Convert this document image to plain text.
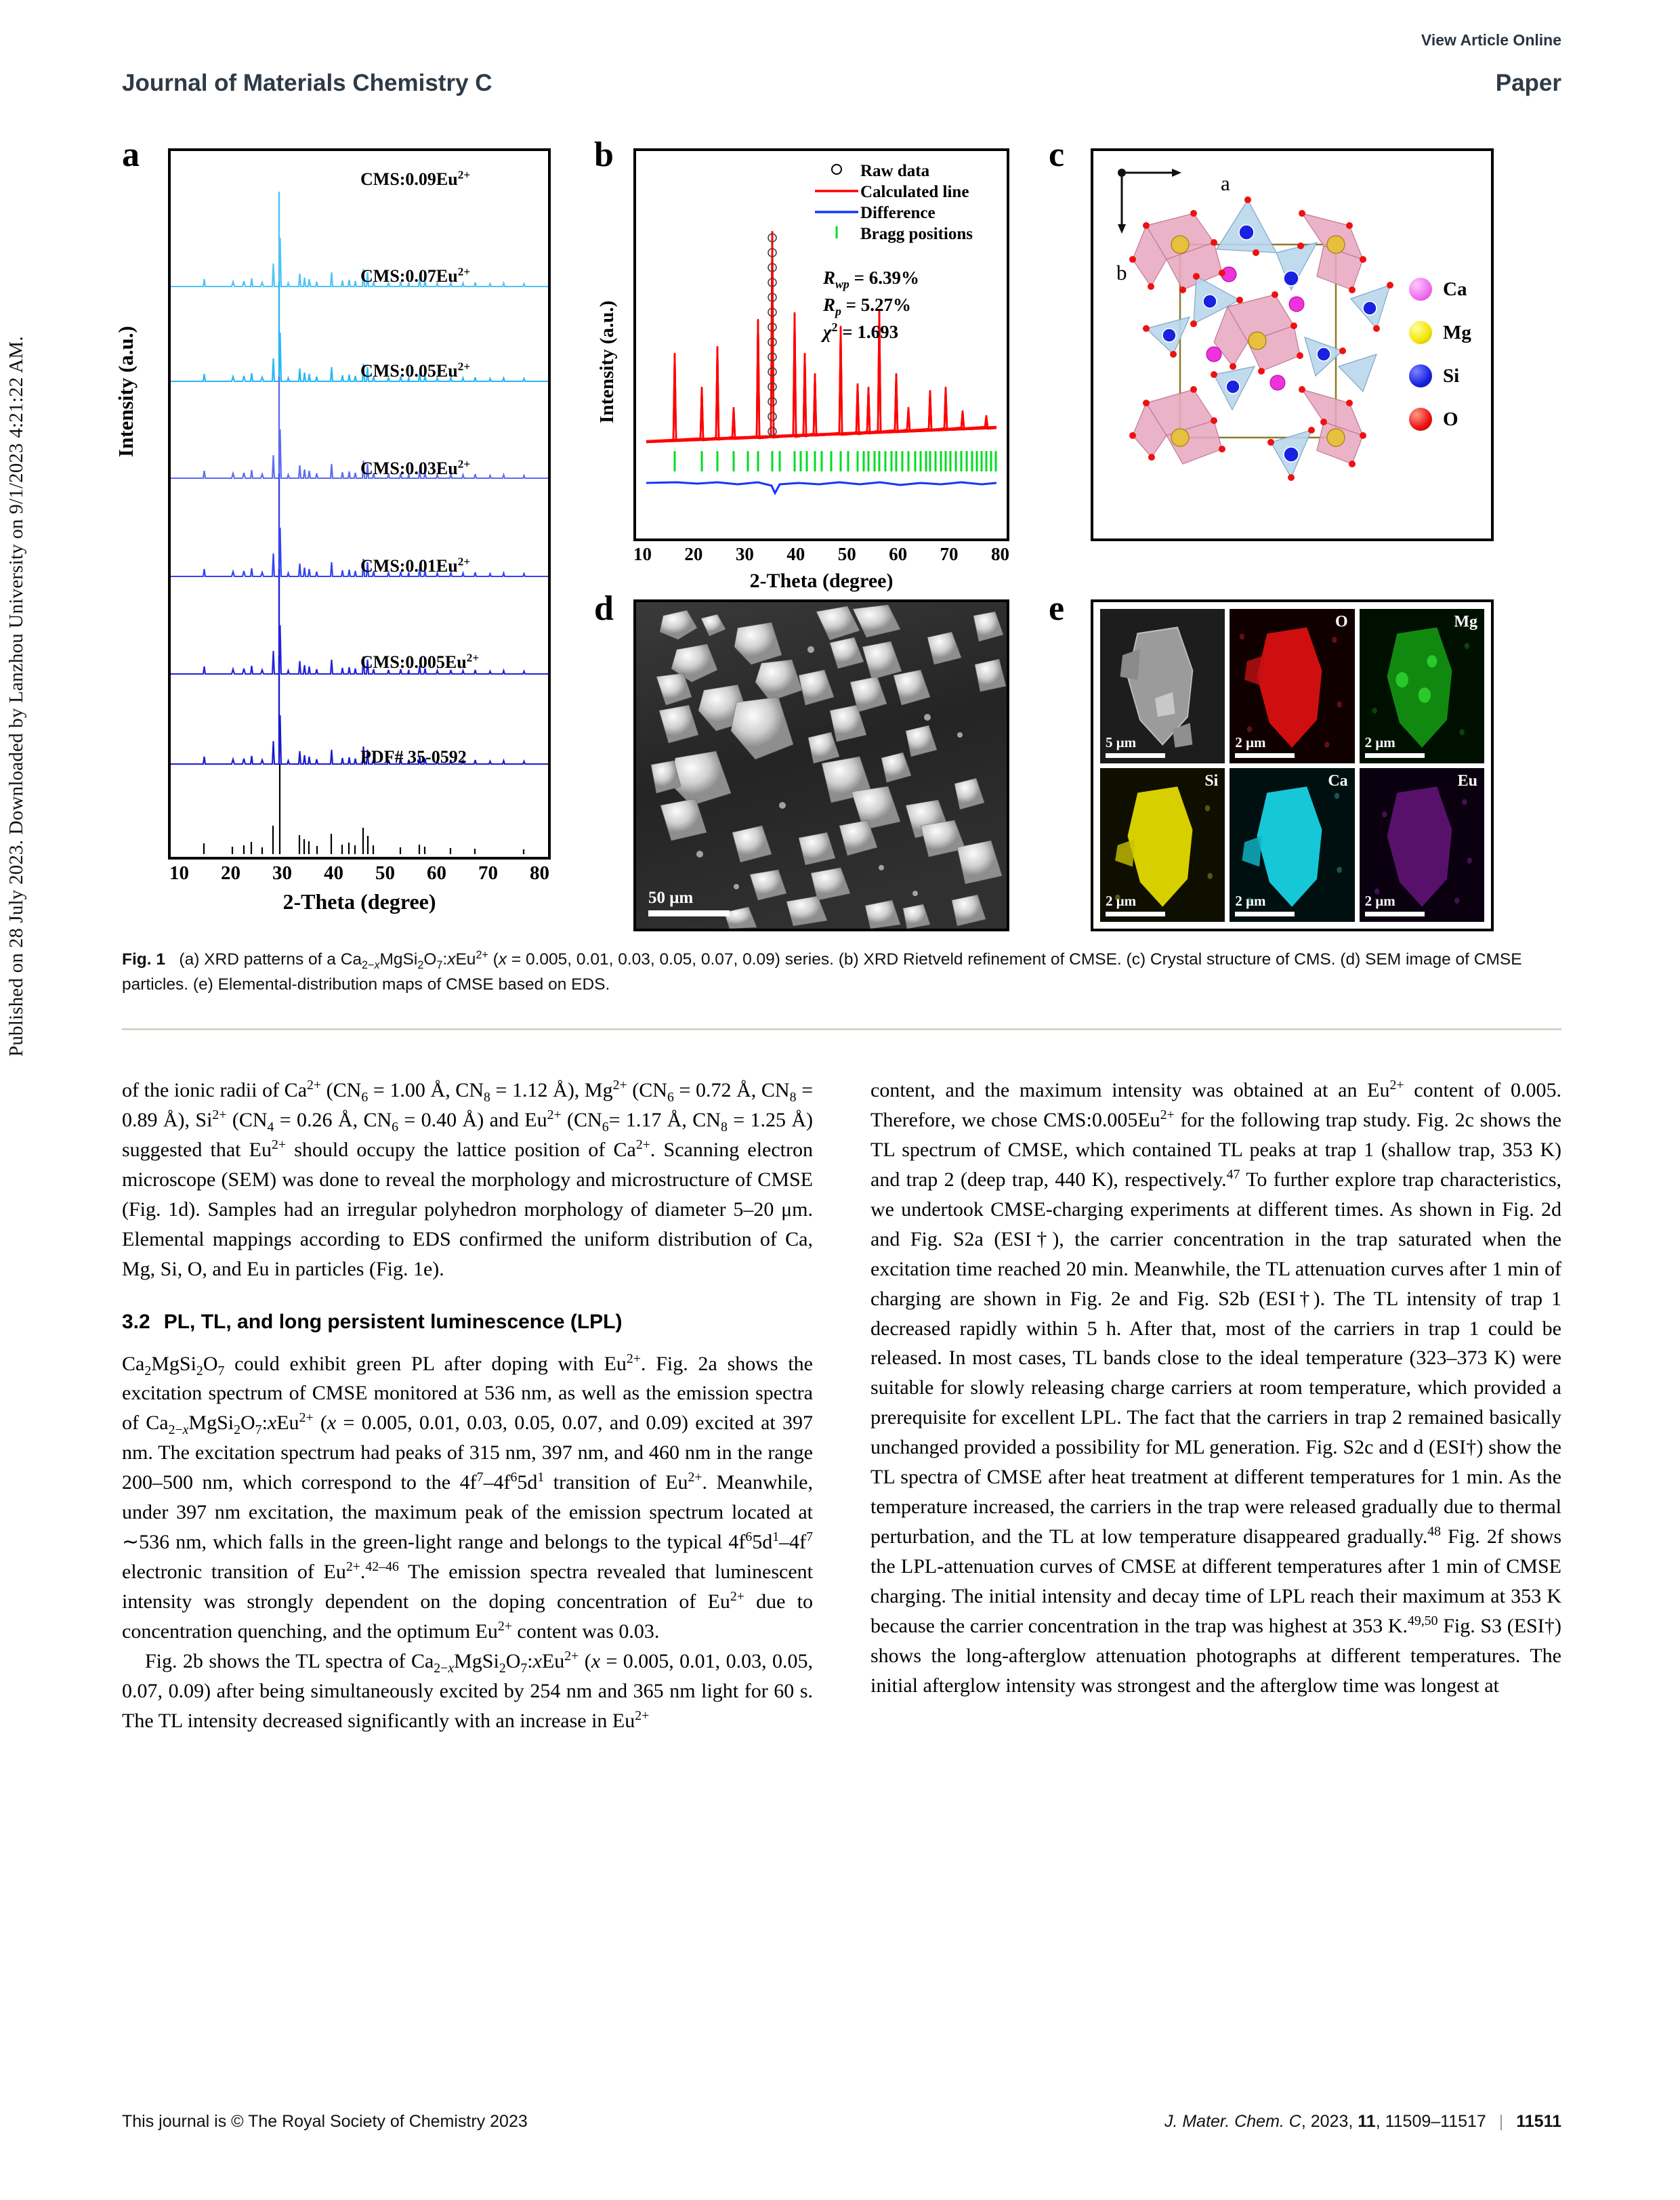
Published on 28 July 2023. Downloaded by Lanzhou University on 9/1/2023 4:21:22 AM.
View Article Online
Journal of Materials Chemistry C	Paper
a
Intensity (a.u.)
$CMS:0.09Eu^{2+}$
$CMS:0.07Eu^{2+}$
$CMS:0.05Eu^{2+}$
$CMS:0.03Eu^{2+}$
$CMS:0.01Eu^{2+}$
$CMS:0.005Eu^{2+}$
PDF# 35-0592
10 20 30 40 50 60 70 80
2-Theta (degree)
b
Intensity (a.u.)
Raw data
Calculated line
Difference
Bragg positions
$R_{wp} = 6.39\%$
$R_p = 5.27\%$
$\chi^2 = 1.693$
10 20 30 40 50 60 70 80
2-Theta (degree)
c
a
b
Ca
Mg
Si
O
d
50 μm
e
5 μm
O
2 μm
Mg
2 μm
Si
2 μm
Ca
2 μm
Eu
2 μm
Fig. 1   (a) XRD patterns of a $Ca_{2-x}MgSi_2O_7:xEu^{2+}$ (x = 0.005, 0.01, 0.03, 0.05, 0.07, 0.09) series. (b) XRD Rietveld refinement of CMSE. (c) Crystal structure of CMS. (d) SEM image of CMSE particles. (e) Elemental-distribution maps of CMSE based on EDS.

of the ionic radii of $Ca^{2+}$ ($CN_6 = 1.00$ Å, $CN_8 = 1.12$ Å), $Mg^{2+}$ ($CN_6 = 0.72$ Å, $CN_8 = 0.89$ Å), $Si^{2+}$ ($CN_4 = 0.26$ Å, $CN_6 = 0.40$ Å) and $Eu^{2+}$ ($CN_6= 1.17$ Å, $CN_8 = 1.25$ Å) suggested that $Eu^{2+}$ should occupy the lattice position of $Ca^{2+}$. Scanning electron microscope (SEM) was done to reveal the morphology and microstructure of CMSE (Fig. 1d). Samples had an irregular polyhedron morphology of diameter 5–20 μm. Elemental mappings according to EDS confirmed the uniform distribution of Ca, Mg, Si, O, and Eu in particles (Fig. 1e).

3.2 PL, TL, and long persistent luminescence (LPL)

$Ca_2MgSi_2O_7$ could exhibit green PL after doping with $Eu^{2+}$. Fig. 2a shows the excitation spectrum of CMSE monitored at 536 nm, as well as the emission spectra of $Ca_{2-x}MgSi_2O_7:xEu^{2+}$ (x = 0.005, 0.01, 0.03, 0.05, 0.07, and 0.09) excited at 397 nm. The excitation spectrum had peaks of 315 nm, 397 nm, and 460 nm in the range 200–500 nm, which correspond to the $4f^7-4f^65d^1$ transition of $Eu^{2+}$. Meanwhile, under 397 nm excitation, the maximum peak of the emission spectrum located at ∼536 nm, which falls in the green-light range and belongs to the typical $4f^65d^1-4f^7$ electronic transition of $Eu^{2+}.^{42-46}$ The emission spectra revealed that luminescent intensity was strongly dependent on the doping concentration of $Eu^{2+}$ due to concentration quenching, and the optimum $Eu^{2+}$ content was 0.03.

Fig. 2b shows the TL spectra of $Ca_{2-x}MgSi_2O_7:xEu^{2+}$ (x = 0.005, 0.01, 0.03, 0.05, 0.07, 0.09) after being simultaneously excited by 254 nm and 365 nm light for 60 s. The TL intensity decreased significantly with an increase in $Eu^{2+}$

content, and the maximum intensity was obtained at an $Eu^{2+}$ content of 0.005. Therefore, we chose $CMS:0.005Eu^{2+}$ for the following trap study. Fig. 2c shows the TL spectrum of CMSE, which contained TL peaks at trap 1 (shallow trap, 353 K) and trap 2 (deep trap, 440 K), respectively.$^{47}$ To further explore trap characteristics, we undertook CMSE-charging experiments at different times. As shown in Fig. 2d and Fig. S2a (ESI†), the carrier concentration in the trap saturated when the excitation time reached 20 min. Meanwhile, the TL attenuation curves after 1 min of charging are shown in Fig. 2e and Fig. S2b (ESI†). The TL intensity of trap 1 decreased rapidly within 5 h. After that, most of the carriers in trap 1 could be released. In most cases, TL bands close to the ideal temperature (323–373 K) were suitable for slowly releasing charge carriers at room temperature, which provided a prerequisite for excellent LPL. The fact that the carriers in trap 2 remained basically unchanged provided a possibility for ML generation. Fig. S2c and d (ESI†) show the TL spectra of CMSE after heat treatment at different temperatures for 1 min. As the temperature increased, the carriers in the trap were released gradually due to thermal perturbation, and the TL at low temperature disappeared gradually.$^{48}$ Fig. 2f shows the LPL-attenuation curves of CMSE at different temperatures after 1 min of CMSE charging. The initial intensity and decay time of LPL reach their maximum at 353 K because the carrier concentration in the trap was highest at 353 K.$^{49,50}$ Fig. S3 (ESI†) shows the long-afterglow attenuation photographs at different temperatures. The initial afterglow intensity was strongest and the afterglow time was longest at

This journal is © The Royal Society of Chemistry 2023	J. Mater. Chem. C, 2023, 11, 11509–11517 | 11511
